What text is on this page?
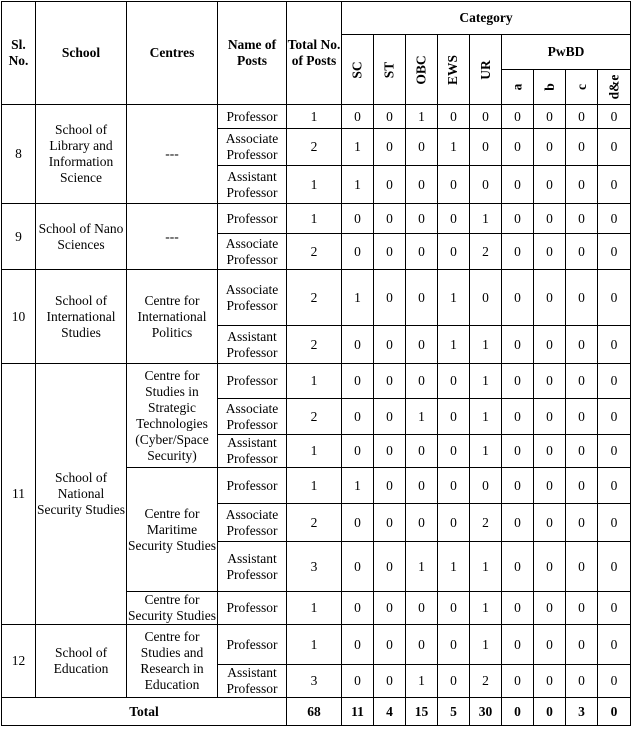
Sl. No.	School	Centres	Name of Posts	Total No. of Posts	Category								
					SC	ST	OBC	EWS	UR	PwBD			
										a	b	c	d&e
8	School of Library and Information Science	---	Professor	1	0	0	1	0	0	0	0	0	0
			Associate Professor	2	1	0	0	1	0	0	0	0	0
			Assistant Professor	1	1	0	0	0	0	0	0	0	0
9	School of Nano Sciences	---	Professor	1	0	0	0	0	1	0	0	0	0
			Associate Professor	2	0	0	0	0	2	0	0	0	0
10	School of International Studies	Centre for International Politics	Associate Professor	2	1	0	0	1	0	0	0	0	0
			Assistant Professor	2	0	0	0	1	1	0	0	0	0
11	School of National Security Studies	Centre for Studies in Strategic Technologies (Cyber/Space Security)	Professor	1	0	0	0	0	1	0	0	0	0
			Associate Professor	2	0	0	1	0	1	0	0	0	0
			Assistant Professor	1	0	0	0	0	1	0	0	0	0
		Centre for Maritime Security Studies	Professor	1	1	0	0	0	0	0	0	0	0
			Associate Professor	2	0	0	0	0	2	0	0	0	0
			Assistant Professor	3	0	0	1	1	1	0	0	0	0
		Centre for Security Studies	Professor	1	0	0	0	0	1	0	0	0	0
12	School of Education	Centre for Studies and Research in Education	Professor	1	0	0	0	0	1	0	0	0	0
			Assistant Professor	3	0	0	1	0	2	0	0	0	0
Total				68	11	4	15	5	30	0	0	3	0
